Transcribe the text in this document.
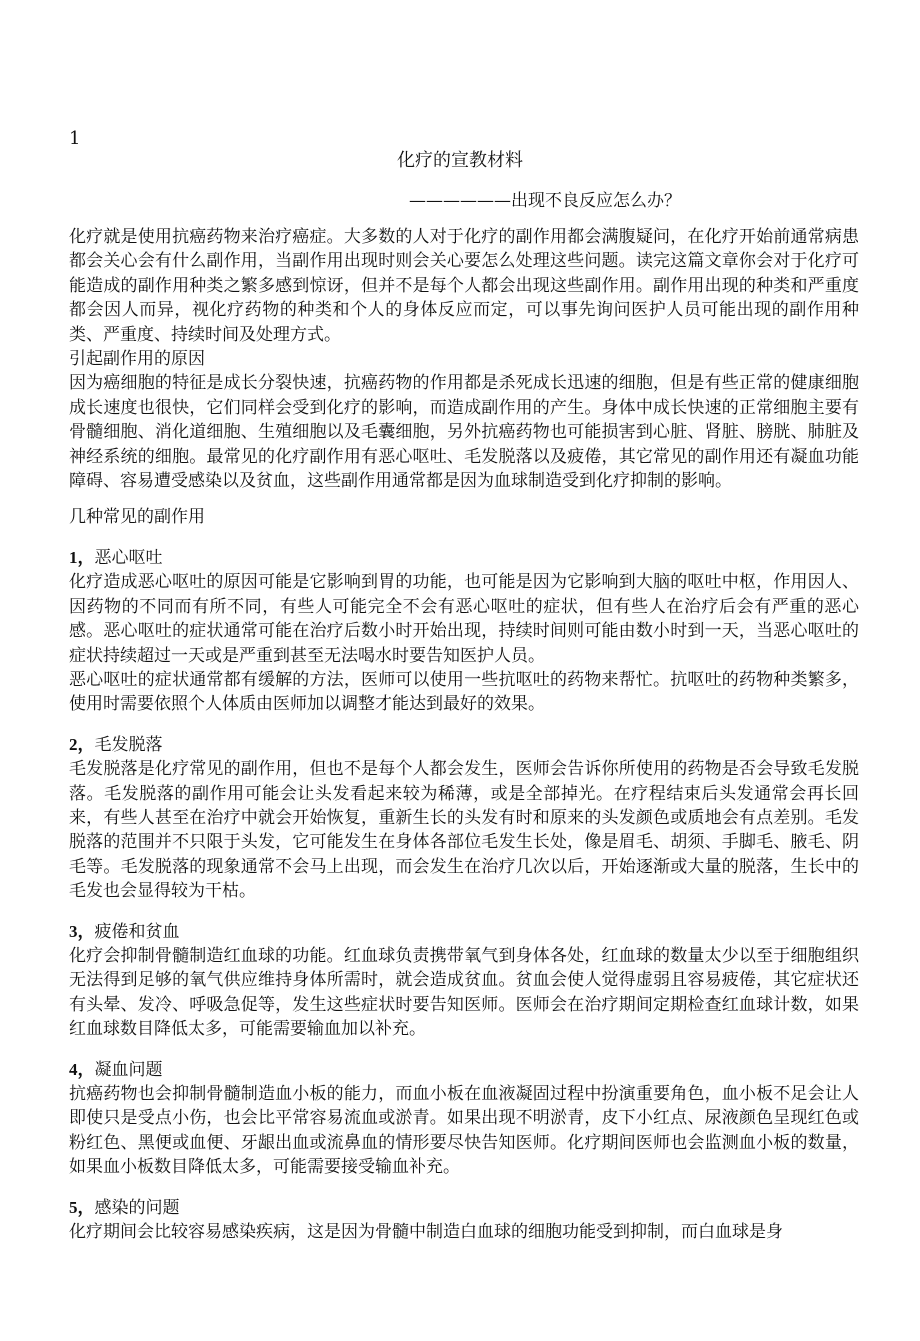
1
化疗的宣教材料
——————出现不良反应怎么办？

化疗就是使用抗癌药物来治疗癌症。大多数的人对于化疗的副作用都会满腹疑问，在化疗开始前通常病患都会关心会有什么副作用，当副作用出现时则会关心要怎么处理这些问题。读完这篇文章你会对于化疗可能造成的副作用种类之繁多感到惊讶，但并不是每个人都会出现这些副作用。副作用出现的种类和严重度都会因人而异，视化疗药物的种类和个人的身体反应而定，可以事先询问医护人员可能出现的副作用种类、严重度、持续时间及处理方式。

引起副作用的原因

因为癌细胞的特征是成长分裂快速，抗癌药物的作用都是杀死成长迅速的细胞，但是有些正常的健康细胞成长速度也很快，它们同样会受到化疗的影响，而造成副作用的产生。身体中成长快速的正常细胞主要有骨髓细胞、消化道细胞、生殖细胞以及毛囊细胞，另外抗癌药物也可能损害到心脏、肾脏、膀胱、肺脏及神经系统的细胞。最常见的化疗副作用有恶心呕吐、毛发脱落以及疲倦，其它常见的副作用还有凝血功能障碍、容易遭受感染以及贫血，这些副作用通常都是因为血球制造受到化疗抑制的影响。

几种常见的副作用

1，恶心呕吐

化疗造成恶心呕吐的原因可能是它影响到胃的功能，也可能是因为它影响到大脑的呕吐中枢，作用因人、因药物的不同而有所不同，有些人可能完全不会有恶心呕吐的症状，但有些人在治疗后会有严重的恶心感。恶心呕吐的症状通常可能在治疗后数小时开始出现，持续时间则可能由数小时到一天，当恶心呕吐的症状持续超过一天或是严重到甚至无法喝水时要告知医护人员。

恶心呕吐的症状通常都有缓解的方法，医师可以使用一些抗呕吐的药物来帮忙。抗呕吐的药物种类繁多，使用时需要依照个人体质由医师加以调整才能达到最好的效果。

2，毛发脱落

毛发脱落是化疗常见的副作用，但也不是每个人都会发生，医师会告诉你所使用的药物是否会导致毛发脱落。毛发脱落的副作用可能会让头发看起来较为稀薄，或是全部掉光。在疗程结束后头发通常会再长回来，有些人甚至在治疗中就会开始恢复，重新生长的头发有时和原来的头发颜色或质地会有点差别。毛发脱落的范围并不只限于头发，它可能发生在身体各部位毛发生长处，像是眉毛、胡须、手脚毛、腋毛、阴毛等。毛发脱落的现象通常不会马上出现，而会发生在治疗几次以后，开始逐渐或大量的脱落，生长中的毛发也会显得较为干枯。

3，疲倦和贫血

化疗会抑制骨髓制造红血球的功能。红血球负责携带氧气到身体各处，红血球的数量太少以至于细胞组织无法得到足够的氧气供应维持身体所需时，就会造成贫血。贫血会使人觉得虚弱且容易疲倦，其它症状还有头晕、发冷、呼吸急促等，发生这些症状时要告知医师。医师会在治疗期间定期检查红血球计数，如果红血球数目降低太多，可能需要输血加以补充。

4，凝血问题

抗癌药物也会抑制骨髓制造血小板的能力，而血小板在血液凝固过程中扮演重要角色，血小板不足会让人即使只是受点小伤，也会比平常容易流血或淤青。如果出现不明淤青，皮下小红点、尿液颜色呈现红色或粉红色、黑便或血便、牙龈出血或流鼻血的情形要尽快告知医师。化疗期间医师也会监测血小板的数量，如果血小板数目降低太多，可能需要接受输血补充。

5，感染的问题

化疗期间会比较容易感染疾病，这是因为骨髓中制造白血球的细胞功能受到抑制，而白血球是身
